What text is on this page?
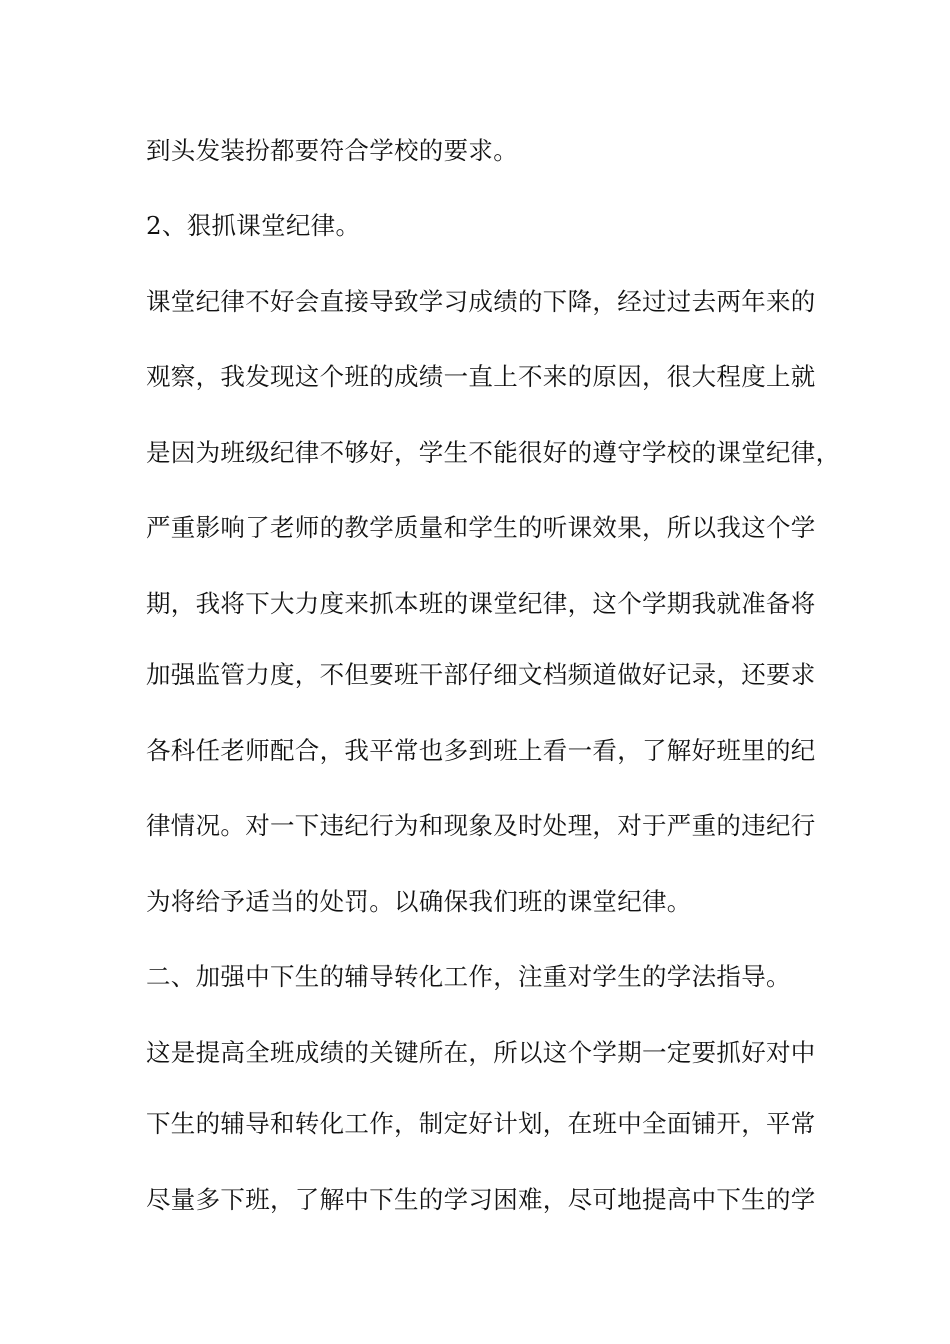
到头发装扮都要符合学校的要求。
2、狠抓课堂纪律。
课堂纪律不好会直接导致学习成绩的下降，经过过去两年来的
观察，我发现这个班的成绩一直上不来的原因，很大程度上就
是因为班级纪律不够好，学生不能很好的遵守学校的课堂纪律，
严重影响了老师的教学质量和学生的听课效果，所以我这个学
期，我将下大力度来抓本班的课堂纪律，这个学期我就准备将
加强监管力度，不但要班干部仔细文档频道做好记录，还要求
各科任老师配合，我平常也多到班上看一看，了解好班里的纪
律情况。对一下违纪行为和现象及时处理，对于严重的违纪行
为将给予适当的处罚。以确保我们班的课堂纪律。
二、加强中下生的辅导转化工作，注重对学生的学法指导。
这是提高全班成绩的关键所在，所以这个学期一定要抓好对中
下生的辅导和转化工作，制定好计划，在班中全面铺开，平常
尽量多下班，了解中下生的学习困难，尽可地提高中下生的学
